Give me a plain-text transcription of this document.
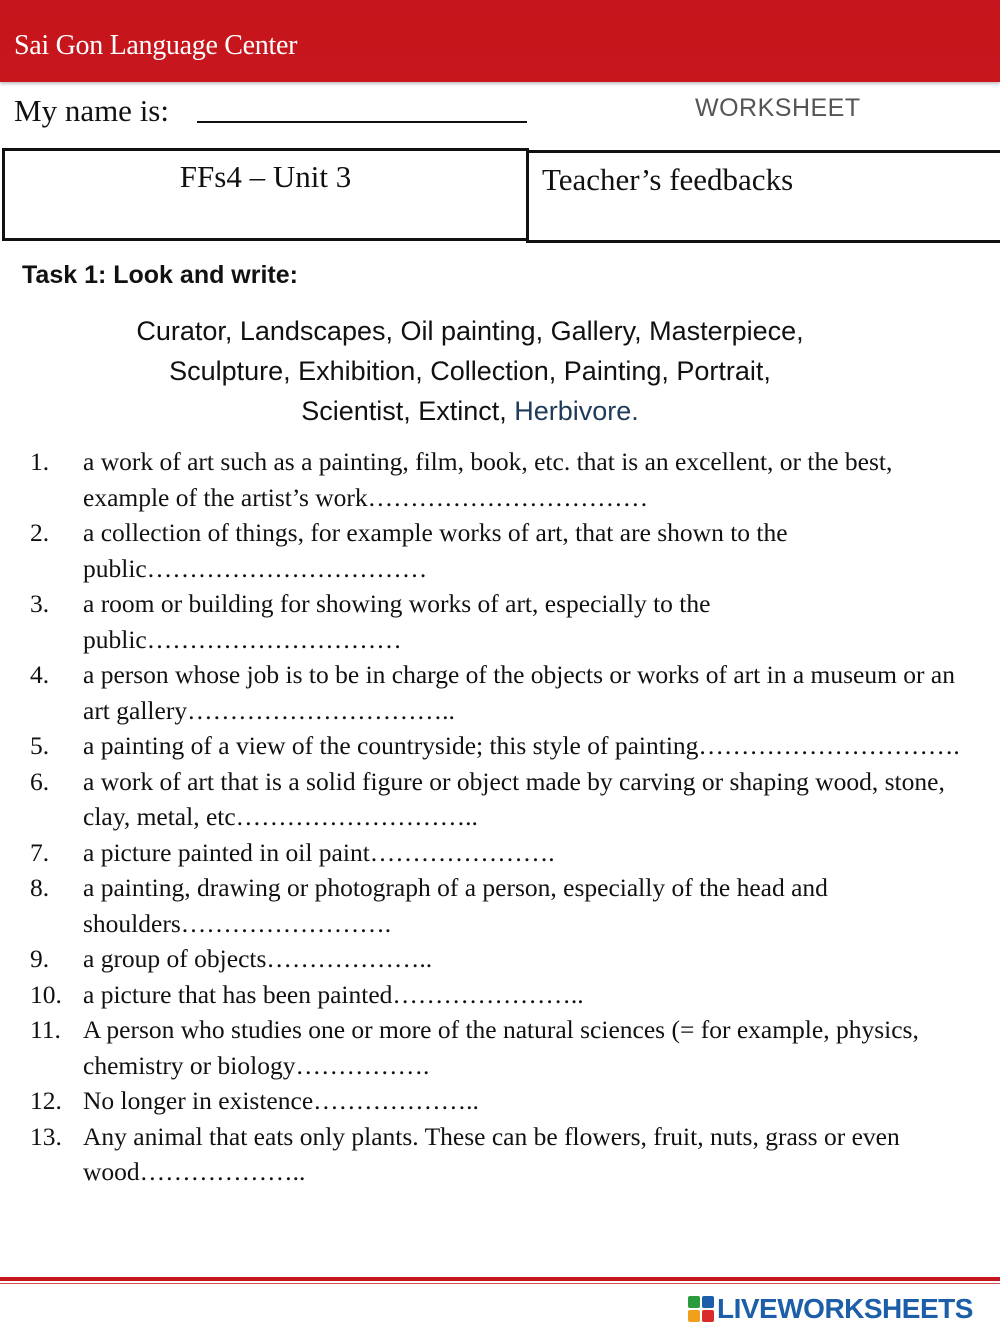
Sai Gon Language Center
My name is:	WORKSHEET
FFs4 – Unit 3	Teacher’s feedbacks
Task 1: Look and write:
Curator, Landscapes, Oil painting, Gallery, Masterpiece,
Sculpture, Exhibition, Collection, Painting, Portrait,
Scientist, Extinct, Herbivore.
1. a work of art such as a painting, film, book, etc. that is an excellent, or the best, example of the artist’s work……………………………
2. a collection of things, for example works of art, that are shown to the public……………………………
3. a room or building for showing works of art, especially to the public…………………………
4. a person whose job is to be in charge of the objects or works of art in a museum or an art gallery…………………………..
5. a painting of a view of the countryside; this style of painting………………………….
6. a work of art that is a solid figure or object made by carving or shaping wood, stone, clay, metal, etc………………………..
7. a picture painted in oil paint………………….
8. a painting, drawing or photograph of a person, especially of the head and shoulders…………………….
9. a group of objects………………..
10. a picture that has been painted…………………..
11. A person who studies one or more of the natural sciences (= for example, physics, chemistry or biology…………….
12. No longer in existence………………..
13. Any animal that eats only plants. These can be flowers, fruit, nuts, grass or even wood………………..
LIVEWORKSHEETS
